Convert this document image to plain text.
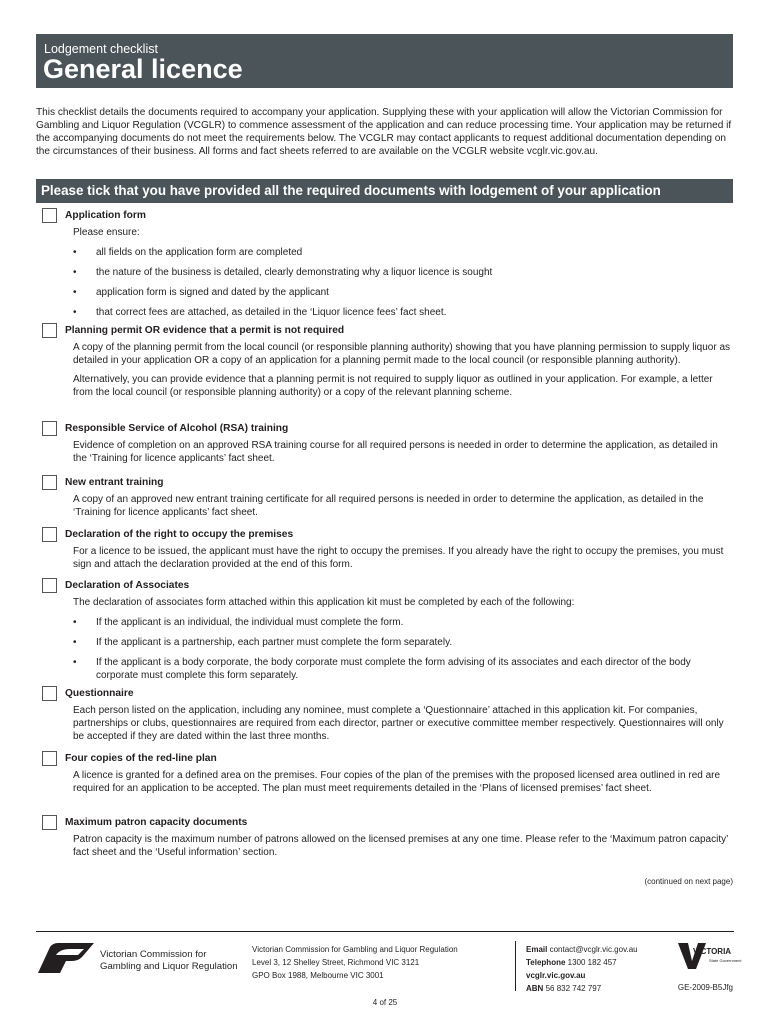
Lodgement checklist
General licence
This checklist details the documents required to accompany your application. Supplying these with your application will allow the Victorian Commission for Gambling and Liquor Regulation (VCGLR) to commence assessment of the application and can reduce processing time. Your application may be returned if the accompanying documents do not meet the requirements below. The VCGLR may contact applicants to request additional documentation depending on the circumstances of their business. All forms and fact sheets referred to are available on the VCGLR website vcglr.vic.gov.au.
Please tick that you have provided all the required documents with lodgement of your application
Application form

Please ensure:

• all fields on the application form are completed
• the nature of the business is detailed, clearly demonstrating why a liquor licence is sought
• application form is signed and dated by the applicant
• that correct fees are attached, as detailed in the ‘Liquor licence fees’ fact sheet.
Planning permit OR evidence that a permit is not required

A copy of the planning permit from the local council (or responsible planning authority) showing that you have planning permission to supply liquor as detailed in your application OR a copy of an application for a planning permit made to the local council (or responsible planning authority).

Alternatively, you can provide evidence that a planning permit is not required to supply liquor as outlined in your application. For example, a letter from the local council (or responsible planning authority) or a copy of the relevant planning scheme.

Responsible Service of Alcohol (RSA) training

Evidence of completion on an approved RSA training course for all required persons is needed in order to determine the application, as detailed in the ‘Training for licence applicants’ fact sheet.

New entrant training

A copy of an approved new entrant training certificate for all required persons is needed in order to determine the application, as detailed in the ‘Training for licence applicants’ fact sheet.

Declaration of the right to occupy the premises

For a licence to be issued, the applicant must have the right to occupy the premises. If you already have the right to occupy the premises, you must sign and attach the declaration provided at the end of this form.

Declaration of Associates

The declaration of associates form attached within this application kit must be completed by each of the following:

• If the applicant is an individual, the individual must complete the form.
• If the applicant is a partnership, each partner must complete the form separately.
• If the applicant is a body corporate, the body corporate must complete the form advising of its associates and each director of the body corporate must complete this form separately.
Questionnaire

Each person listed on the application, including any nominee, must complete a ‘Questionnaire’ attached in this application kit. For companies, partnerships or clubs, questionnaires are required from each director, partner or executive committee member respectively. Questionnaires will only be accepted if they are dated within the last three months.

Four copies of the red-line plan

A licence is granted for a defined area on the premises. Four copies of the plan of the premises with the proposed licensed area outlined in red are required for an application to be accepted. The plan must meet requirements detailed in the ‘Plans of licensed premises’ fact sheet.

Maximum patron capacity documents

Patron capacity is the maximum number of patrons allowed on the licensed premises at any one time. Please refer to the ‘Maximum patron capacity’ fact sheet and the ‘Useful information’ section.

(continued on next page)
Victorian Commission for
Gambling and Liquor Regulation
Victorian Commission for Gambling and Liquor Regulation
Level 3, 12 Shelley Street, Richmond VIC 3121
GPO Box 1988, Melbourne VIC 3001
Email contact@vcglr.vic.gov.au
Telephone 1300 182 457
vcglr.vic.gov.au
ABN 56 832 742 797
VICTORIA
State Government
GE-2009-B5Jfg
4 of 25
